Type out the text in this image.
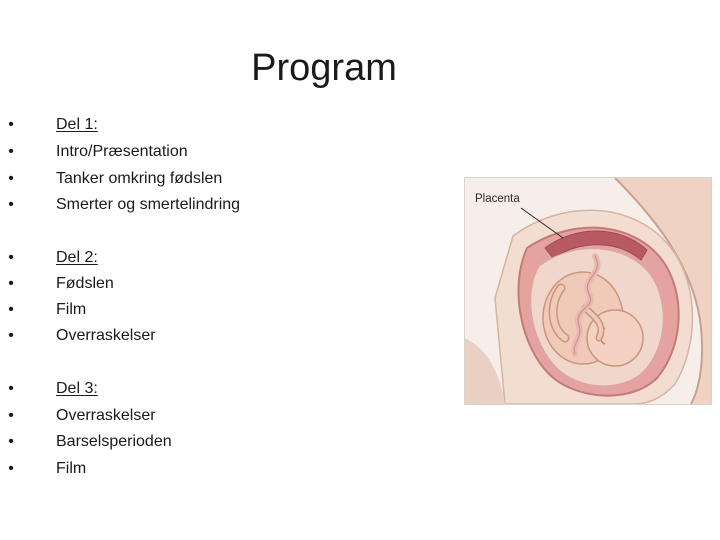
Program
•	Del 1:
•	Intro/Præsentation
•	Tanker omkring fødslen
•	Smerter og smertelindring
•	Del 2:
•	Fødslen
•	Film
•	Overraskelser
•	Del 3:
•	Overraskelser
•	Barselsperioden
•	Film
Placenta
